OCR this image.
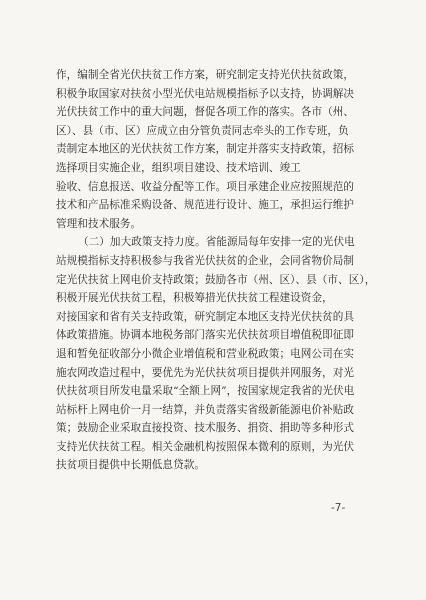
作，编制全省光伏扶贫工作方案，研究制定支持光伏扶贫政策，
积极争取国家对扶贫小型光伏电站规模指标予以支持，协调解决
光伏扶贫工作中的重大问题，督促各项工作的落实。各市（州、
区）、县（市、区）应成立由分管负责同志牵头的工作专班，负
责制定本地区的光伏扶贫工作方案，制定并落实支持政策，招标
选择项目实施企业，组织项目建设、技术培训、竣工
验收、信息报送、收益分配等工作。项目承建企业应按照规范的
技术和产品标准采购设备、规范进行设计、施工，承担运行维护
管理和技术服务。
（二）加大政策支持力度。省能源局每年安排一定的光伏电
站规模指标支持积极参与我省光伏扶贫的企业，会同省物价局制
定光伏扶贫上网电价支持政策；鼓励各市（州、区）、县（市、区），
积极开展光伏扶贫工程，积极筹措光伏扶贫工程建设资金，
对接国家和省有关支持政策，研究制定本地区支持光伏扶贫的具
体政策措施。协调本地税务部门落实光伏扶贫项目增值税即征即
退和暂免征收部分小微企业增值税和营业税政策；电网公司在实
施农网改造过程中，要优先为光伏扶贫项目提供并网服务，对光
伏扶贫项目所发电量采取“全额上网”，按国家规定我省的光伏电
站标杆上网电价一月一结算，并负责落实省级新能源电价补贴政
策；鼓励企业采取直接投资、技术服务、捐资、捐助等多种形式
支持光伏扶贫工程。相关金融机构按照保本微利的原则，为光伏
扶贫项目提供中长期低息贷款。
-7-
